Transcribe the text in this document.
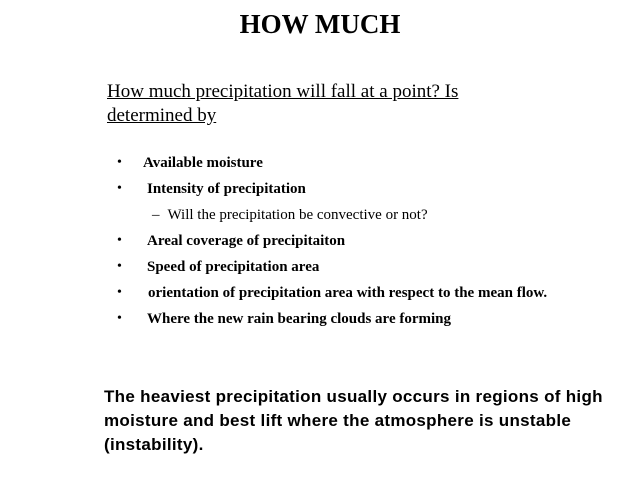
HOW MUCH

How much precipitation will fall at a point? Is determined by

• Available moisture
• Intensity of precipitation
• Areal coverage of precipitaiton
• Speed of precipitation area
• orientation of precipitation area with respect to the mean flow.
• Where the new rain bearing clouds are forming
– Will the precipitation be convective or not?

The heaviest precipitation usually occurs in regions of high moisture and best lift where the atmosphere is unstable (instability).
